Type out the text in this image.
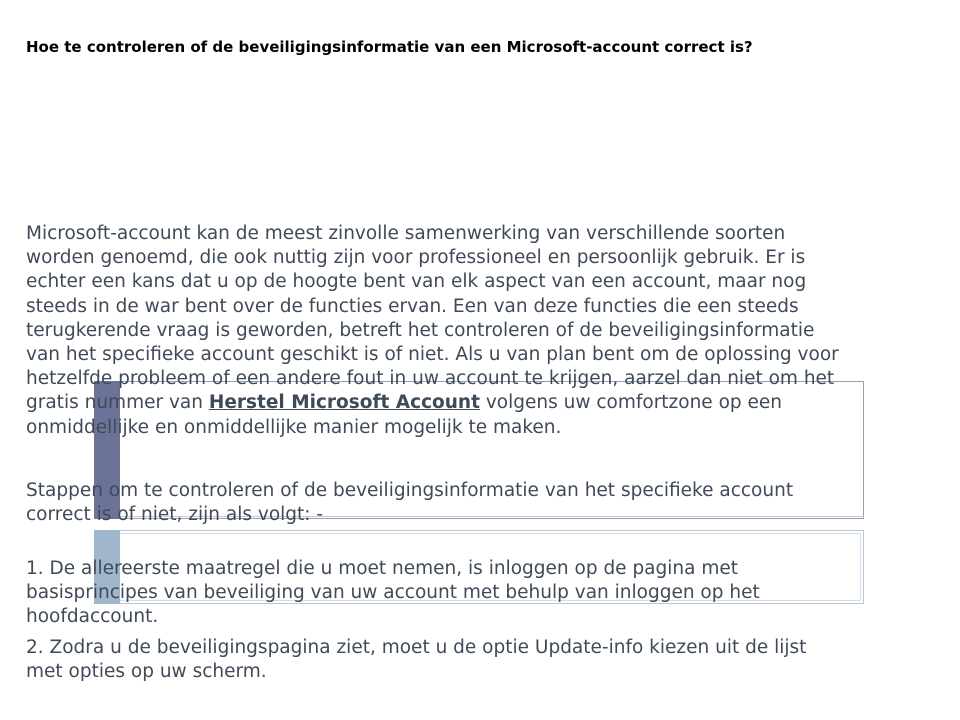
Hoe te controleren of de beveiligingsinformatie van een Microsoft-account correct is?

Microsoft-account kan de meest zinvolle samenwerking van verschillende soorten
worden genoemd, die ook nuttig zijn voor professioneel en persoonlijk gebruik. Er is
echter een kans dat u op de hoogte bent van elk aspect van een account, maar nog
steeds in de war bent over de functies ervan. Een van deze functies die een steeds
terugkerende vraag is geworden, betreft het controleren of de beveiligingsinformatie
van het specifieke account geschikt is of niet. Als u van plan bent om de oplossing voor
hetzelfde probleem of een andere fout in uw account te krijgen, aarzel dan niet om het
gratis nummer van Herstel Microsoft Account volgens uw comfortzone op een
onmiddellijke en onmiddellijke manier mogelijk te maken.

Stappen om te controleren of de beveiligingsinformatie van het specifieke account
correct is of niet, zijn als volgt: -

1. De allereerste maatregel die u moet nemen, is inloggen op de pagina met
basisprincipes van beveiliging van uw account met behulp van inloggen op het
hoofdaccount.

2. Zodra u de beveiligingspagina ziet, moet u de optie Update-info kiezen uit de lijst
met opties op uw scherm.
